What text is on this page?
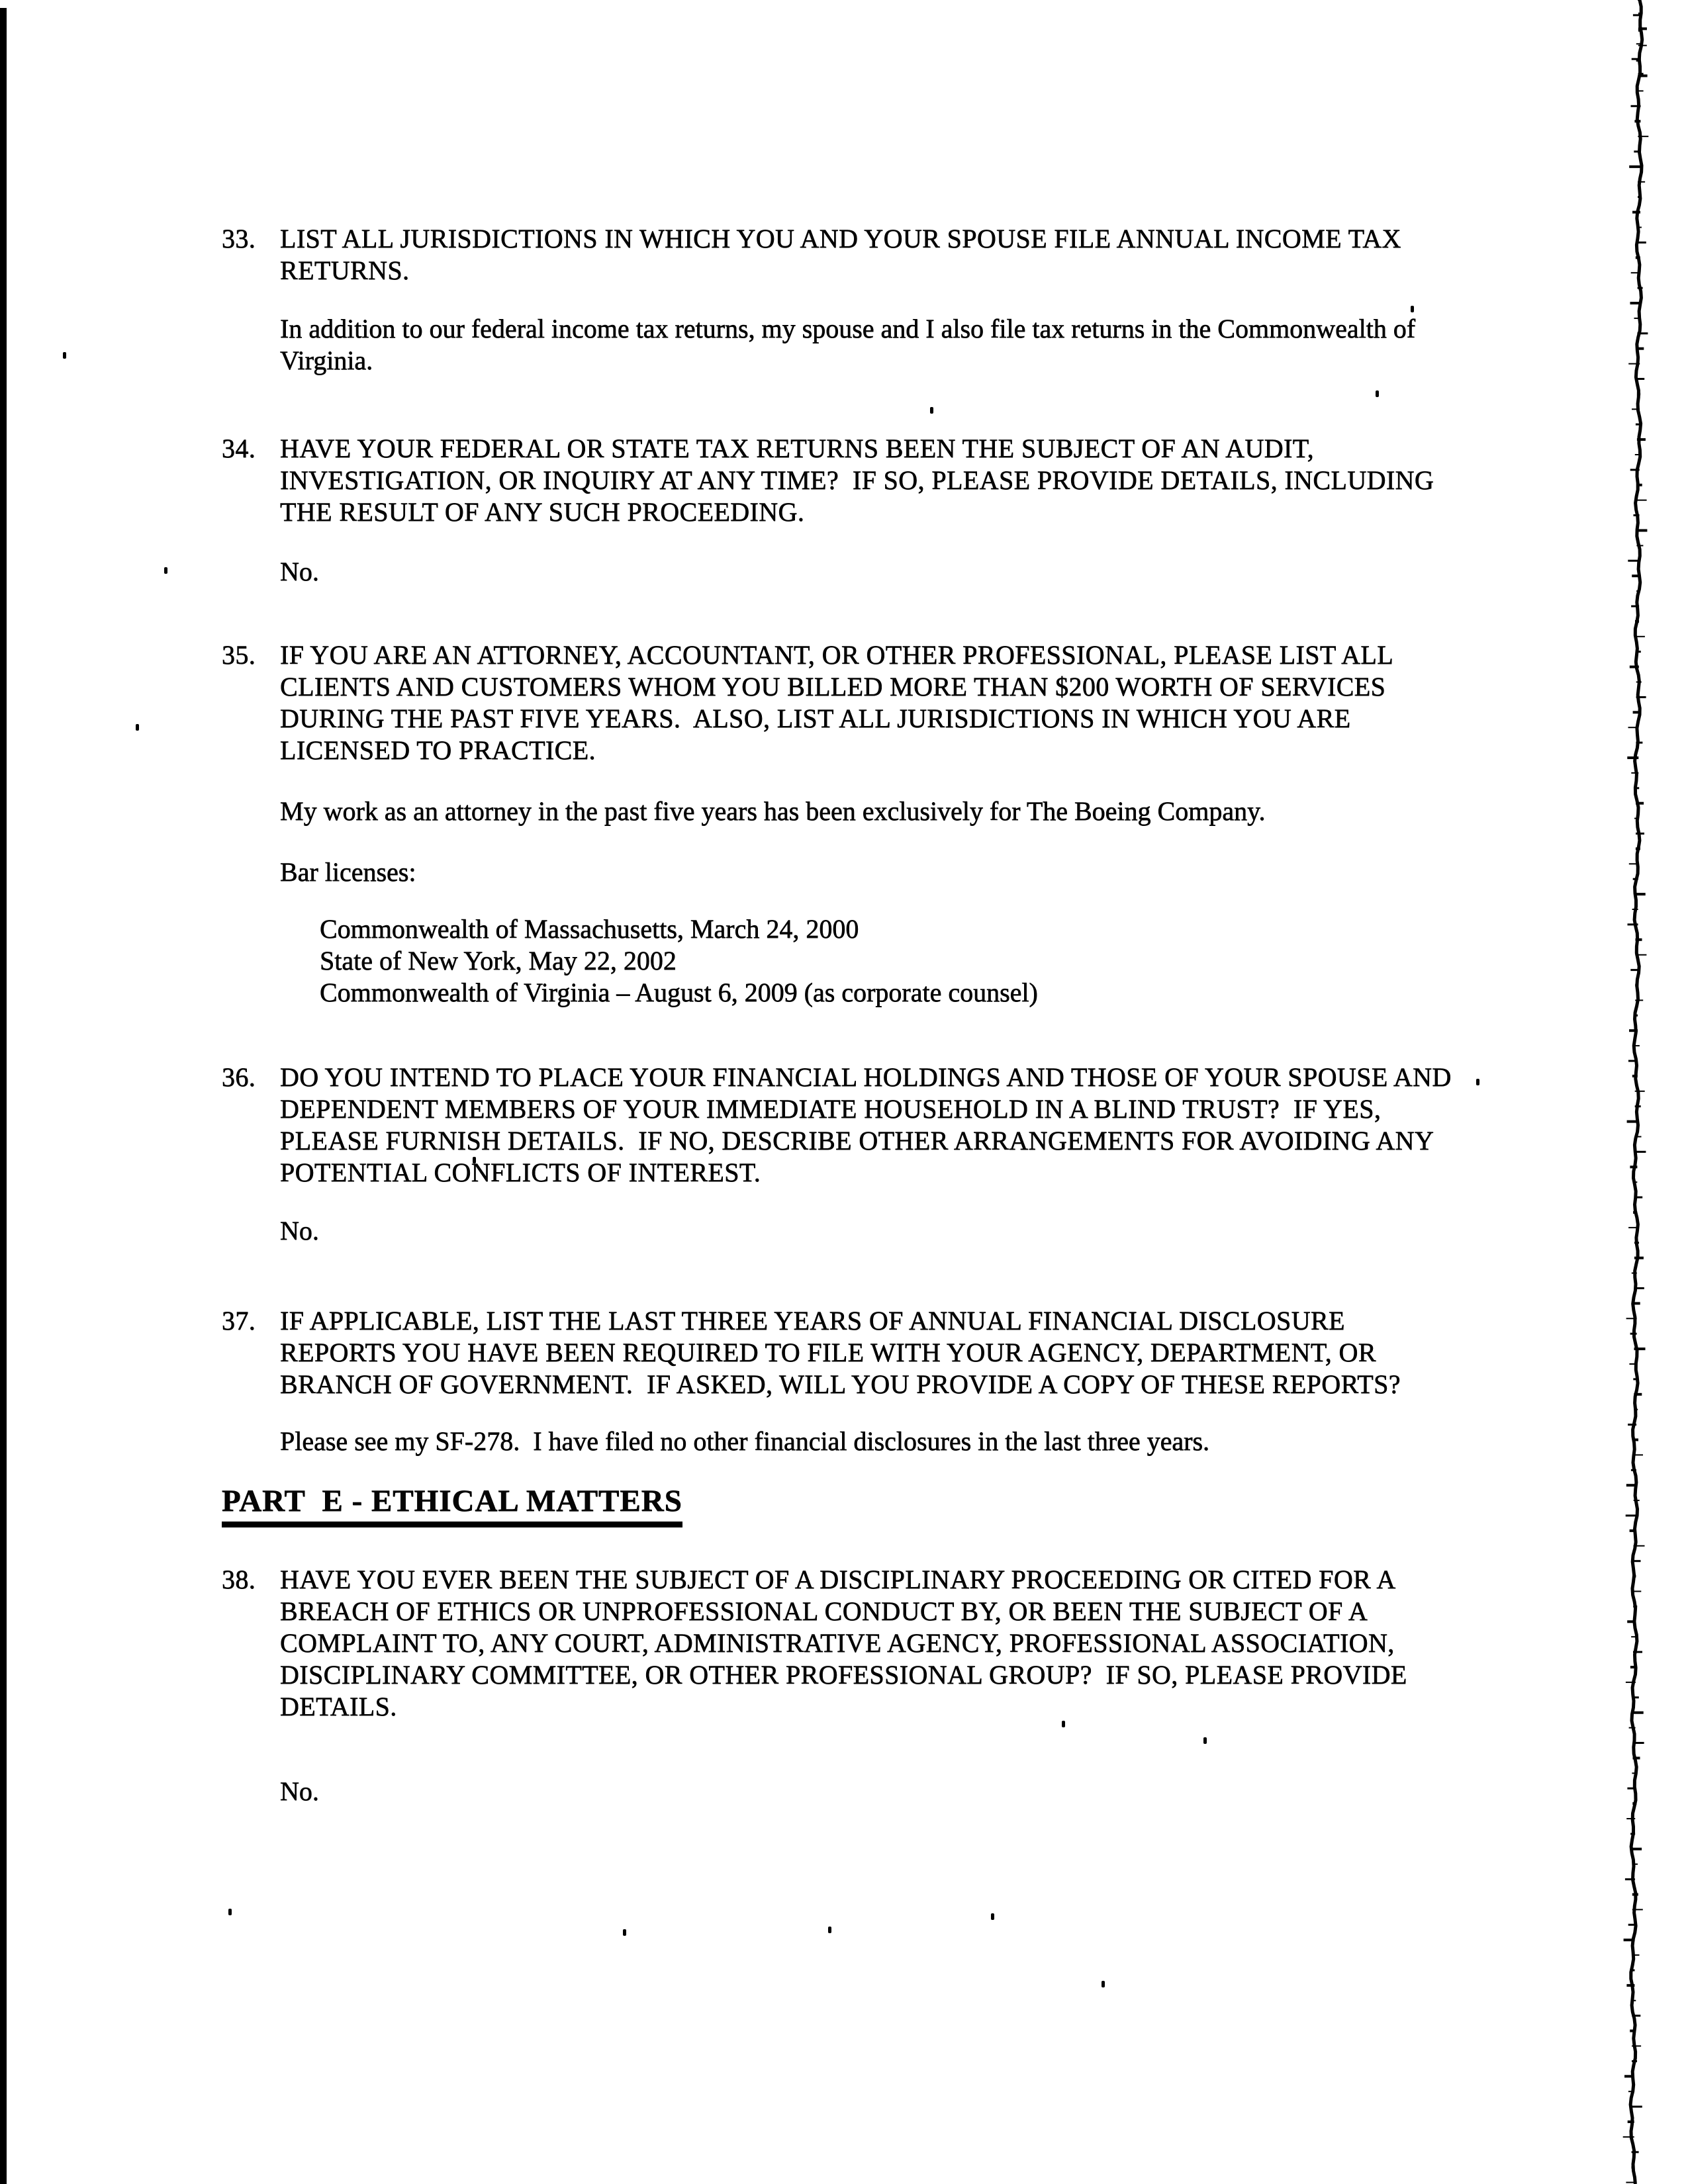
33. LIST ALL JURISDICTIONS IN WHICH YOU AND YOUR SPOUSE FILE ANNUAL INCOME TAX RETURNS.

In addition to our federal income tax returns, my spouse and I also file tax returns in the Commonwealth of Virginia.

34. HAVE YOUR FEDERAL OR STATE TAX RETURNS BEEN THE SUBJECT OF AN AUDIT, INVESTIGATION, OR INQUIRY AT ANY TIME?  IF SO, PLEASE PROVIDE DETAILS, INCLUDING THE RESULT OF ANY SUCH PROCEEDING.

No.

35. IF YOU ARE AN ATTORNEY, ACCOUNTANT, OR OTHER PROFESSIONAL, PLEASE LIST ALL CLIENTS AND CUSTOMERS WHOM YOU BILLED MORE THAN $200 WORTH OF SERVICES DURING THE PAST FIVE YEARS.  ALSO, LIST ALL JURISDICTIONS IN WHICH YOU ARE LICENSED TO PRACTICE.

My work as an attorney in the past five years has been exclusively for The Boeing Company.

Bar licenses:

Commonwealth of Massachusetts, March 24, 2000

State of New York, May 22, 2002

Commonwealth of Virginia – August 6, 2009 (as corporate counsel)

36. DO YOU INTEND TO PLACE YOUR FINANCIAL HOLDINGS AND THOSE OF YOUR SPOUSE AND DEPENDENT MEMBERS OF YOUR IMMEDIATE HOUSEHOLD IN A BLIND TRUST?  IF YES, PLEASE FURNISH DETAILS.  IF NO, DESCRIBE OTHER ARRANGEMENTS FOR AVOIDING ANY POTENTIAL CONFLICTS OF INTEREST.

No.

37. IF APPLICABLE, LIST THE LAST THREE YEARS OF ANNUAL FINANCIAL DISCLOSURE REPORTS YOU HAVE BEEN REQUIRED TO FILE WITH YOUR AGENCY, DEPARTMENT, OR BRANCH OF GOVERNMENT.  IF ASKED, WILL YOU PROVIDE A COPY OF THESE REPORTS?

Please see my SF-278.  I have filed no other financial disclosures in the last three years.

PART  E - ETHICAL MATTERS
38. HAVE YOU EVER BEEN THE SUBJECT OF A DISCIPLINARY PROCEEDING OR CITED FOR A BREACH OF ETHICS OR UNPROFESSIONAL CONDUCT BY, OR BEEN THE SUBJECT OF A COMPLAINT TO, ANY COURT, ADMINISTRATIVE AGENCY, PROFESSIONAL ASSOCIATION, DISCIPLINARY COMMITTEE, OR OTHER PROFESSIONAL GROUP?  IF SO, PLEASE PROVIDE DETAILS.

No.
